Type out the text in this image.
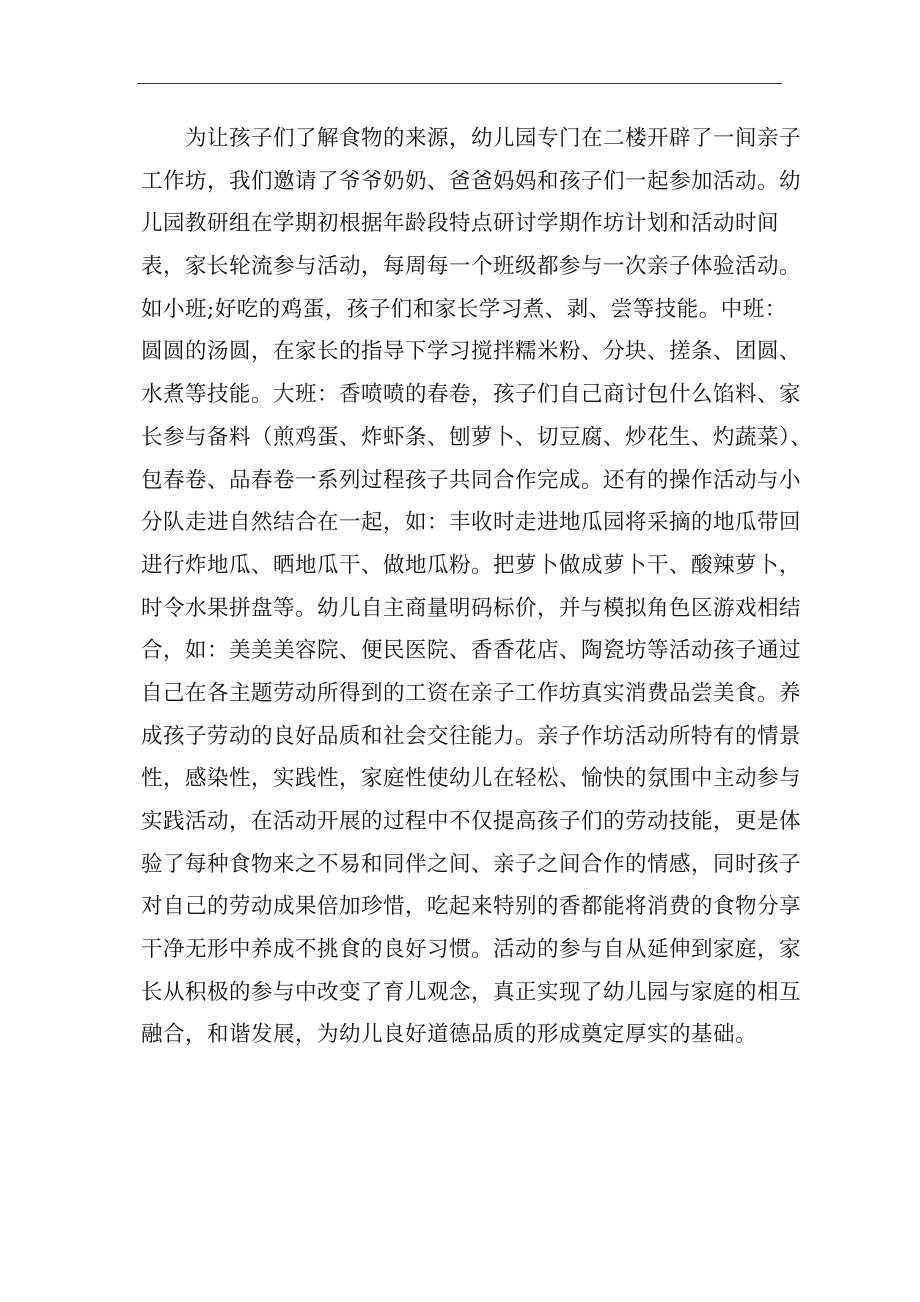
　　为让孩子们了解食物的来源，幼儿园专门在二楼开辟了一间亲子
工作坊，我们邀请了爷爷奶奶、爸爸妈妈和孩子们一起参加活动。幼
儿园教研组在学期初根据年龄段特点研讨学期作坊计划和活动时间
表，家长轮流参与活动，每周每一个班级都参与一次亲子体验活动。
如小班;好吃的鸡蛋，孩子们和家长学习煮、剥、尝等技能。中班：
圆圆的汤圆，在家长的指导下学习搅拌糯米粉、分块、搓条、团圆、
水煮等技能。大班：香喷喷的春卷，孩子们自己商讨包什么馅料、家
长参与备料（煎鸡蛋、炸虾条、刨萝卜、切豆腐、炒花生、灼蔬菜）、
包春卷、品春卷一系列过程孩子共同合作完成。还有的操作活动与小
分队走进自然结合在一起，如：丰收时走进地瓜园将采摘的地瓜带回
进行炸地瓜、晒地瓜干、做地瓜粉。把萝卜做成萝卜干、酸辣萝卜，
时令水果拼盘等。幼儿自主商量明码标价，并与模拟角色区游戏相结
合，如：美美美容院、便民医院、香香花店、陶瓷坊等活动孩子通过
自己在各主题劳动所得到的工资在亲子工作坊真实消费品尝美食。养
成孩子劳动的良好品质和社会交往能力。亲子作坊活动所特有的情景
性，感染性，实践性，家庭性使幼儿在轻松、愉快的氛围中主动参与
实践活动，在活动开展的过程中不仅提高孩子们的劳动技能，更是体
验了每种食物来之不易和同伴之间、亲子之间合作的情感，同时孩子
对自己的劳动成果倍加珍惜，吃起来特别的香都能将消费的食物分享
干净无形中养成不挑食的良好习惯。活动的参与自从延伸到家庭，家
长从积极的参与中改变了育儿观念，真正实现了幼儿园与家庭的相互
融合，和谐发展，为幼儿良好道德品质的形成奠定厚实的基础。
